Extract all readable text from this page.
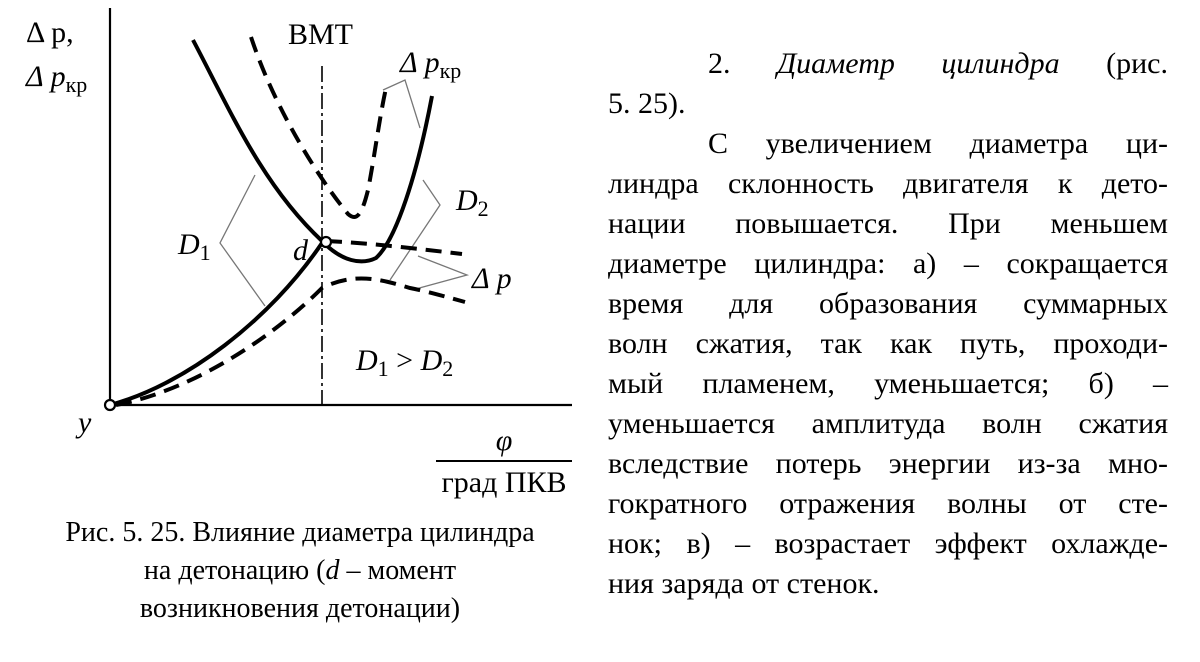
Δ p,
Δ $p_{кр}$
ВМТ
Δ $p_{кр}$
$D_2$
$D_1$	d
Δ p
$D_1 > D_2$
y
φ
град ПКВ
Рис. 5. 25. Влияние диаметра цилиндра
на детонацию (d – момент
возникновения детонации)

2. Диаметр цилиндра (рис.

5. 25).

С увеличением диаметра ци-

линдра склонность двигателя к дето-

нации повышается. При меньшем

диаметре цилиндра: а) – сокращается

время для образования суммарных

волн сжатия, так как путь, проходи-

мый пламенем, уменьшается; б) –

уменьшается амплитуда волн сжатия

вследствие потерь энергии из-за мно-

гократного отражения волны от сте-

нок; в) – возрастает эффект охлажде-

ния заряда от стенок.
